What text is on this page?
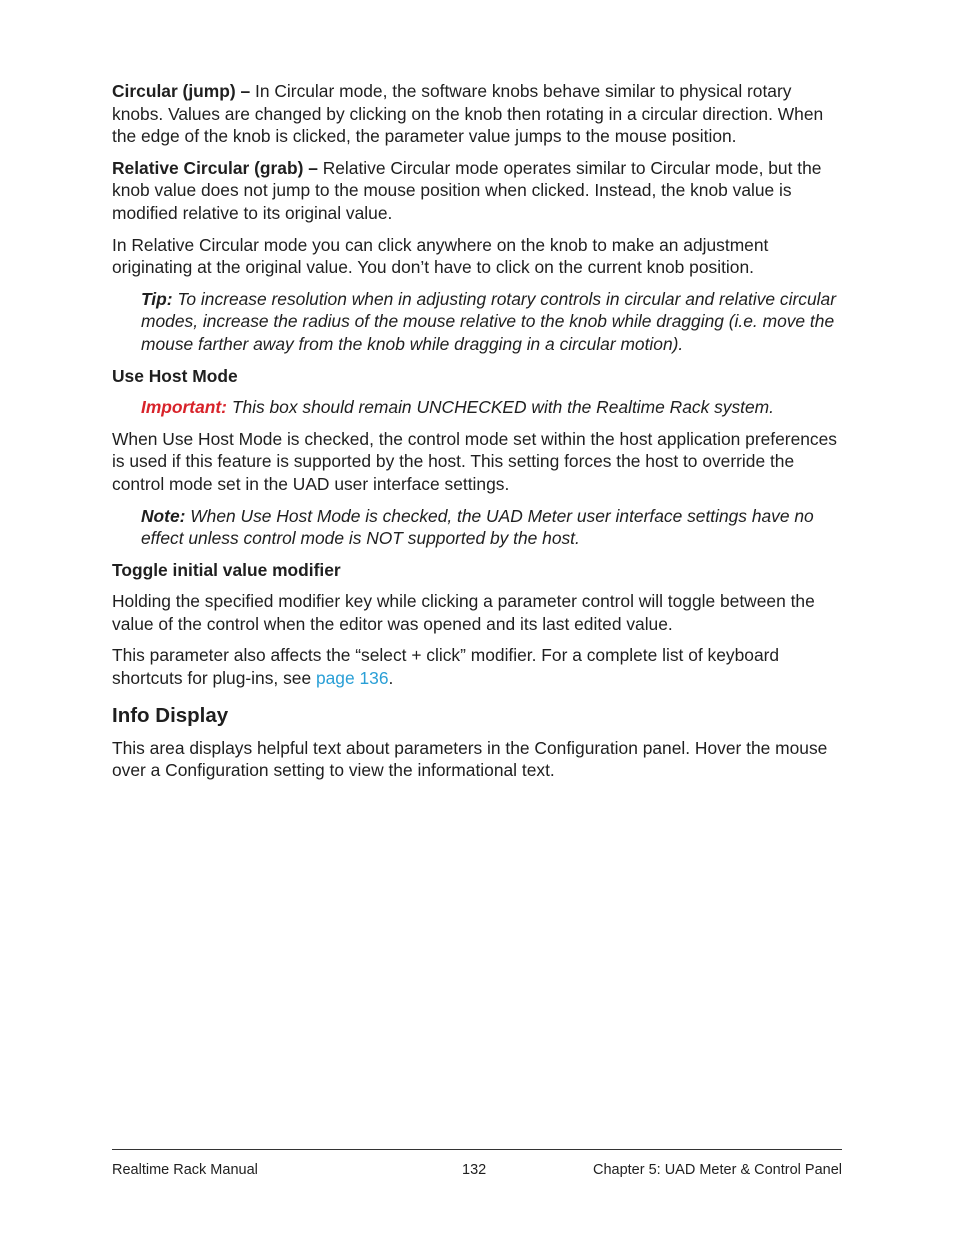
Circular (jump) – In Circular mode, the software knobs behave similar to physical rotary knobs. Values are changed by clicking on the knob then rotating in a circular direction. When the edge of the knob is clicked, the parameter value jumps to the mouse position.

Relative Circular (grab) – Relative Circular mode operates similar to Circular mode, but the knob value does not jump to the mouse position when clicked. Instead, the knob value is modified relative to its original value.

In Relative Circular mode you can click anywhere on the knob to make an adjustment originating at the original value. You don’t have to click on the current knob position.

Tip: To increase resolution when in adjusting rotary controls in circular and relative circular modes, increase the radius of the mouse relative to the knob while dragging (i.e. move the mouse farther away from the knob while dragging in a circular motion).

Use Host Mode

Important: This box should remain UNCHECKED with the Realtime Rack system.

When Use Host Mode is checked, the control mode set within the host application preferences is used if this feature is supported by the host. This setting forces the host to override the control mode set in the UAD user interface settings.

Note: When Use Host Mode is checked, the UAD Meter user interface settings have no effect unless control mode is NOT supported by the host.

Toggle initial value modifier

Holding the specified modifier key while clicking a parameter control will toggle between the value of the control when the editor was opened and its last edited value.

This parameter also affects the “select + click” modifier. For a complete list of keyboard shortcuts for plug-ins, see page 136.

Info Display

This area displays helpful text about parameters in the Configuration panel. Hover the mouse over a Configuration setting to view the informational text.

Realtime Rack Manual	132	Chapter 5: UAD Meter & Control Panel
